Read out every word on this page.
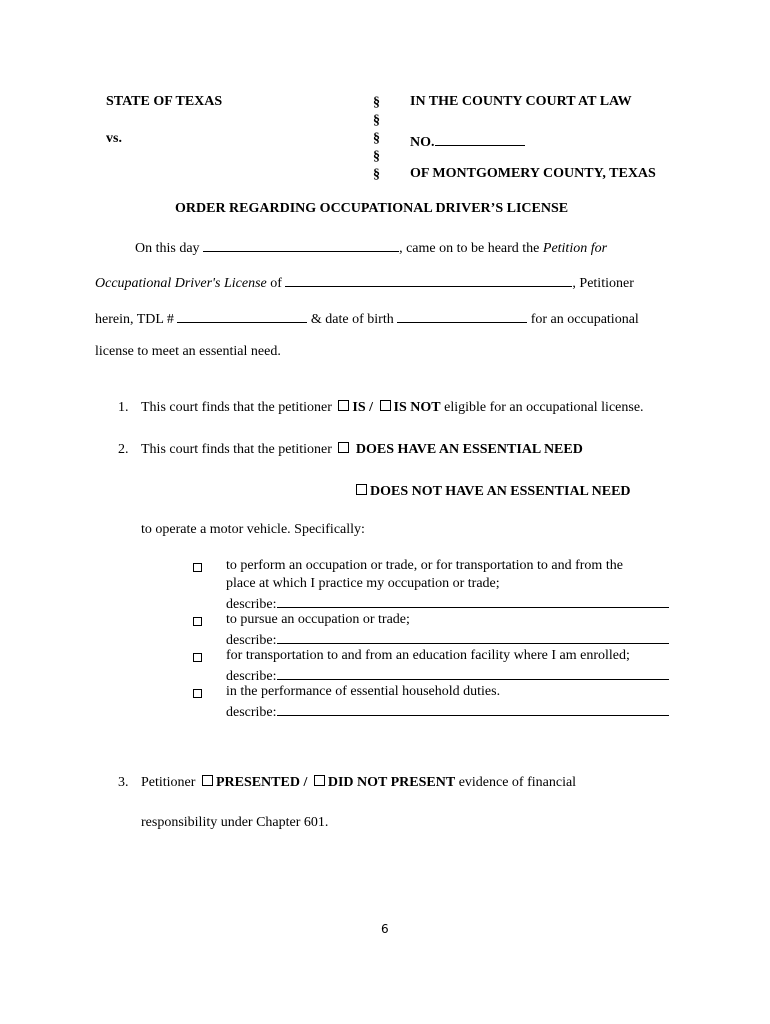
STATE OF TEXAS
vs.
§
§
§
§
§
IN THE COUNTY COURT AT LAW
NO.
OF MONTGOMERY COUNTY, TEXAS
ORDER REGARDING OCCUPATIONAL DRIVER’S LICENSE
On this day	, came on to be heard the Petition for
Occupational Driver's License of	, Petitioner
herein, TDL #	& date of birth	for an occupational
license to meet an essential need.
1. This court finds that the petitioner IS / IS NOT eligible for an occupational license.
2. This court finds that the petitioner DOES HAVE AN ESSENTIAL NEED
DOES NOT HAVE AN ESSENTIAL NEED
to operate a motor vehicle. Specifically:
to perform an occupation or trade, or for transportation to and from the
place at which I practice my occupation or trade;
describe:
to pursue an occupation or trade;
describe:
for transportation to and from an education facility where I am enrolled;
describe:
in the performance of essential household duties.
describe:
3. Petitioner PRESENTED / DID NOT PRESENT evidence of financial
responsibility under Chapter 601.
6
